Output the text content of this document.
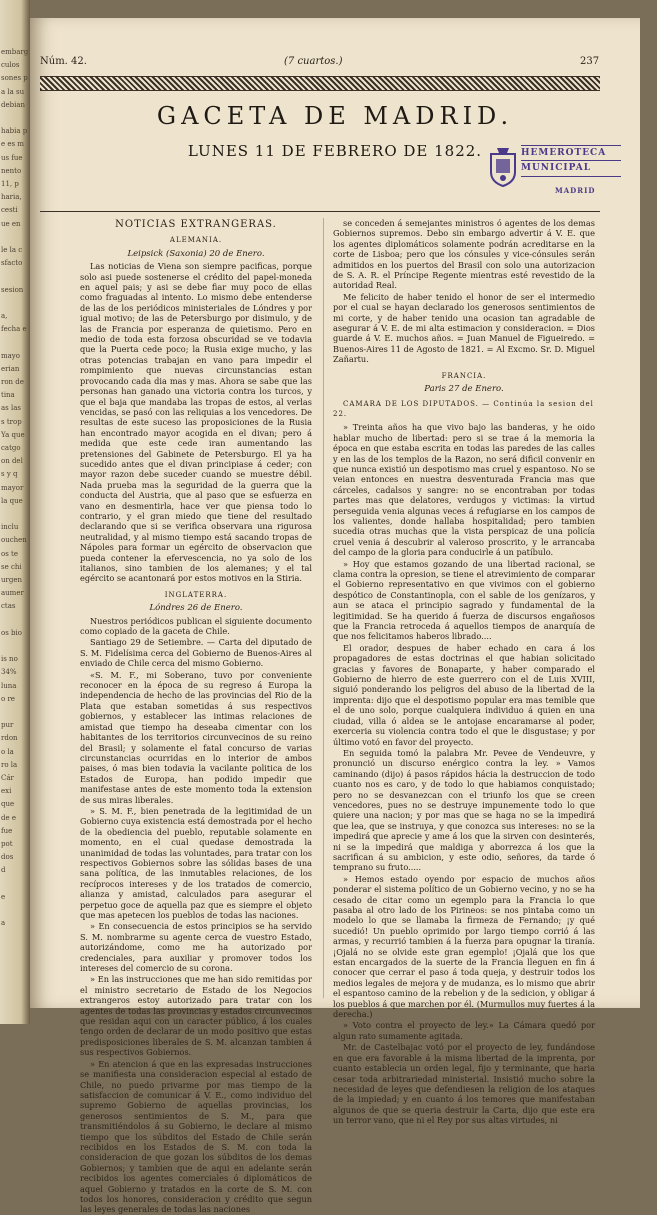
embarg
culos
sones p
a la su
debian
habia p
e es m
us fue
nento
11, p
haria,
cesti
ue en
le la c
sfacto
sesion
a,
fecha e
mayo
erian
ron de
tina
as las
s trop
Ya que
catgo
on del
s y q
mayor
la que
inclu
ouchen
os te
se chi
urgen
aumer
ctas
os bio
is no
34%
luna
o re
pur
rdon
o la
ro la
Cár
exi
que
de e
fue
pot
dos
d
e
a
Núm. 42.	(7 cuartos.)	237
GACETA DE MADRID.
LUNES 11 DE FEBRERO DE 1822.	HEMEROTECA
MUNICIPAL
MADRID
NOTICIAS EXTRANGERAS.
ALEMANIA.
Leipsick (Saxonia) 20 de Enero.

Las noticias de Viena son siempre pacificas, porque solo asi puede sostenerse el crédito del papel-moneda en aquel pais; y asi se debe fiar muy poco de ellas como fraguadas al intento. Lo mismo debe entenderse de las de los periódicos ministeriales de Lóndres y por igual motivo; de las de Petersburgo por disimulo, y de las de Francia por esperanza de quietismo. Pero en medio de toda esta forzosa obscuridad se ve todavia que la Puerta cede poco; la Rusia exige mucho, y las otras potencias trabajan en vano para impedir el rompimiento que nuevas circunstancias estan provocando cada dia mas y mas. Ahora se sabe que las personas han ganado una victoria contra los turcos, y que el baja que mandaba las tropas de estos, al verlas vencidas, se pasó con las reliquias a los vencedores. De resultas de este suceso las proposiciones de la Rusia han encontrado mayor acogida en el divan; pero á medida que este cede iran aumentando las pretensiones del Gabinete de Petersburgo. El ya ha sucedido antes que el divan principiase á ceder; con mayor razon debe suceder cuando se muestre débil. Nada prueba mas la seguridad de la guerra que la conducta del Austria, que al paso que se esfuerza en vano en desmentirla, hace ver que piensa todo lo contrario, y el gran miedo que tiene del resultado declarando que si se verifica observara una rigurosa neutralidad, y al mismo tiempo está sacando tropas de Nápoles para formar un egército de observacion que pueda contener la efervescencia, no ya solo de los italianos, sino tambien de los alemanes; y el tal egército se acantonará por estos motivos en la Stiria.

INGLATERRA.
Lóndres 26 de Enero.

Nuestros periódicos publican el siguiente documento como copiado de la gaceta de Chile.

Santiago 29 de Setiembre. — Carta del diputado de S. M. Fidelísima cerca del Gobierno de Buenos-Aires al enviado de Chile cerca del mismo Gobierno.

«S. M. F., mi Soberano, tuvo por conveniente reconocer en la época de su regreso á Europa la independencia de hecho de las provincias del Rio de la Plata que estaban sometidas á sus respectivos gobiernos, y establecer las intimas relaciones de amistad que tiempo ha deseaba cimentar con los habitantes de los territorios circunvecinos de su reino del Brasil; y solamente el fatal concurso de varias circunstancias ocurridas en lo interior de ambos paises, ó mas bien todavia la vacilante politica de los Estados de Europa, han podido impedir que manifestase antes de este momento toda la extension de sus miras liberales.

» S. M. F., bien penetrada de la legitimidad de un Gobierno cuya existencia está demostrada por el hecho de la obediencia del pueblo, reputable solamente en momento, en el cual quedase demostrada la unanimidad de todas las voluntades, para tratar con los respectivos Gobiernos sobre las sólidas bases de una sana política, de las inmutables relaciones, de los recíprocos intereses y de los tratados de comercio, alianza y amistad, calculados para asegurar el perpetuo goce de aquella paz que es siempre el objeto que mas apetecen los pueblos de todas las naciones.

» En consecuencia de estos principios se ha servido S. M. nombrarme su agente cerca de vuestro Estado, autorizándome, como me ha autorizado por credenciales, para auxiliar y promover todos los intereses del comercio de su corona.

» En las instrucciones que me han sido remitidas por el ministro secretario de Estado de los Negocios extrangeros estoy autorizado para tratar con los agentes de todas las provincias y estados circunvecinos que residan aqui con un caracter público, á los cuales tengo orden de declarar de un modo positivo que estas predisposiciones liberales de S. M. alcanzan tambien á sus respectivos Gobiernos.

» En atencion á que en las expresadas instrucciones se manifiesta una consideracion especial al estado de Chile, no puedo privarme por mas tiempo de la satisfaccion de comunicar á V. E., como individuo del supremo Gobierno de aquellas provincias, los generosos sentimientos de S. M., para que transmitiéndolos á su Gobierno, le declare al mismo tiempo que los súbditos del Estado de Chile serán recibidos en los Estados de S. M. con toda la consideracion de que gozan los súbditos de los demas Gobiernos; y tambien que de aqui en adelante serán recibidos los agentes comerciales ó diplomáticos de aquel Gobierno y tratados en la corte de S. M. con todos los honores, consideracion y crédito que segun las leyes generales de todas las naciones

se conceden á semejantes ministros ó agentes de los demas Gobiernos supremos. Debo sin embargo advertir á V. E. que los agentes diplomáticos solamente podrán acreditarse en la corte de Lisboa; pero que los cónsules y vice-cónsules serán admitidos en los puertos del Brasil con solo una autorizacion de S. A. R. el Príncipe Regente mientras esté revestido de la autoridad Real.

Me felicito de haber tenido el honor de ser el intermedio por el cual se hayan declarado los generosos sentimientos de mi corte, y de haber tenido una ocasion tan agradable de asegurar á V. E. de mi alta estimacion y consideracion. = Dios guarde á V. E. muchos años. = Juan Manuel de Figueiredo. = Buenos-Aires 11 de Agosto de 1821. = Al Excmo. Sr. D. Miguel Zañartu.

FRANCIA.
Paris 27 de Enero.
CAMARA DE LOS DIPUTADOS. — Continúa la sesion del 22.

» Treinta años ha que vivo bajo las banderas, y he oido hablar mucho de libertad: pero si se trae á la memoria la época en que estaba escrita en todas las paredes de las calles y en las de los templos de la Razon, no será dificil convenir en que nunca existió un despotismo mas cruel y espantoso. No se veian entonces en nuestra desventurada Francia mas que cárceles, cadalsos y sangre: no se encontraban por todas partes mas que delatores, verdugos y victimas: la virtud perseguida venia algunas veces á refugiarse en los campos de los valientes, donde hallaba hospitalidad; pero tambien sucedia otras muchas que la vista perspicaz de una policía cruel venia á descubrir al valeroso proscrito, y le arrancaba del campo de la gloria para conducirle á un patíbulo.

» Hoy que estamos gozando de una libertad racional, se clama contra la opresion, se tiene el atrevimiento de comparar el Gobierno representativo en que vivimos con el gobierno despótico de Constantinopla, con el sable de los genízaros, y aun se ataca el principio sagrado y fundamental de la legitimidad. Se ha querido á fuerza de discursos engañosos que la Francia retroceda á aquellos tiempos de anarquía de que nos felicitamos haberos librado....

El orador, despues de haber echado en cara á los propagadores de estas doctrinas el que habian solicitado gracias y favores de Bonaparte, y haber comparado el Gobierno de hierro de este guerrero con el de Luis XVIII, siguió ponderando los peligros del abuso de la libertad de la imprenta: dijo que el despotismo popular era mas temible que el de uno solo, porque cualquiera individuo á quien en una ciudad, villa ó aldea se le antojase encaramarse al poder, exerceria su violencia contra todo el que le disgustase; y por último votó en favor del proyecto.

En seguida tomó la palabra Mr. Pevee de Vendeuvre, y pronunció un discurso enérgico contra la ley. » Vamos caminando (dijo) á pasos rápidos hácia la destruccion de todo cuanto nos es caro, y de todo lo que habiamos conquistado; pero no se desvanezcan con el triunfo los que se creen vencedores, pues no se destruye impunemente todo lo que quiere una nacion; y por mas que se haga no se la impedirá que lea, que se instruya, y que conozca sus intereses: no se la impedirá que aprecie y ame á los que la sirven con desinterés, ni se la impedirá que maldiga y aborrezca á los que la sacrifican á su ambicion, y este odio, señores, da tarde ó temprano su fruto.....

» Hemos estado oyendo por espacio de muchos años ponderar el sistema político de un Gobierno vecino, y no se ha cesado de citar como un egemplo para la Francia lo que pasaba al otro lado de los Pirineos: se nos pintaba como un modelo lo que se llamaba la firmeza de Fernando; ¡y qué sucedió! Un pueblo oprimido por largo tiempo corrió á las armas, y recurrió tambien á la fuerza para opugnar la tiranía. ¡Ojalá no se olvide este gran egemplo! ¡Ojalá que los que estan encargados de la suerte de la Francia lleguen en fin á conocer que cerrar el paso á toda queja, y destruir todos los medios legales de mejora y de mudanza, es lo mismo que abrir el espantoso camino de la rebelion y de la sedicion, y obligar á los pueblos á que marchen por él. (Murmullos muy fuertes á la derecha.)

» Voto contra el proyecto de ley.» La Cámara quedó por algun rato sumamente agitada.

Mr. de Castelbajac votó por el proyecto de ley, fundándose en que era favorable á la misma libertad de la imprenta, por cuanto establecia un orden legal, fijo y terminante, que haria cesar toda arbitrariedad ministerial. Insistió mucho sobre la necesidad de leyes que defendiesen la religion de los ataques de la impiedad; y en cuanto á los temores que manifestaban algunos de que se queria destruir la Carta, dijo que este era un terror vano, que ni el Rey por sus altas virtudes, ni
